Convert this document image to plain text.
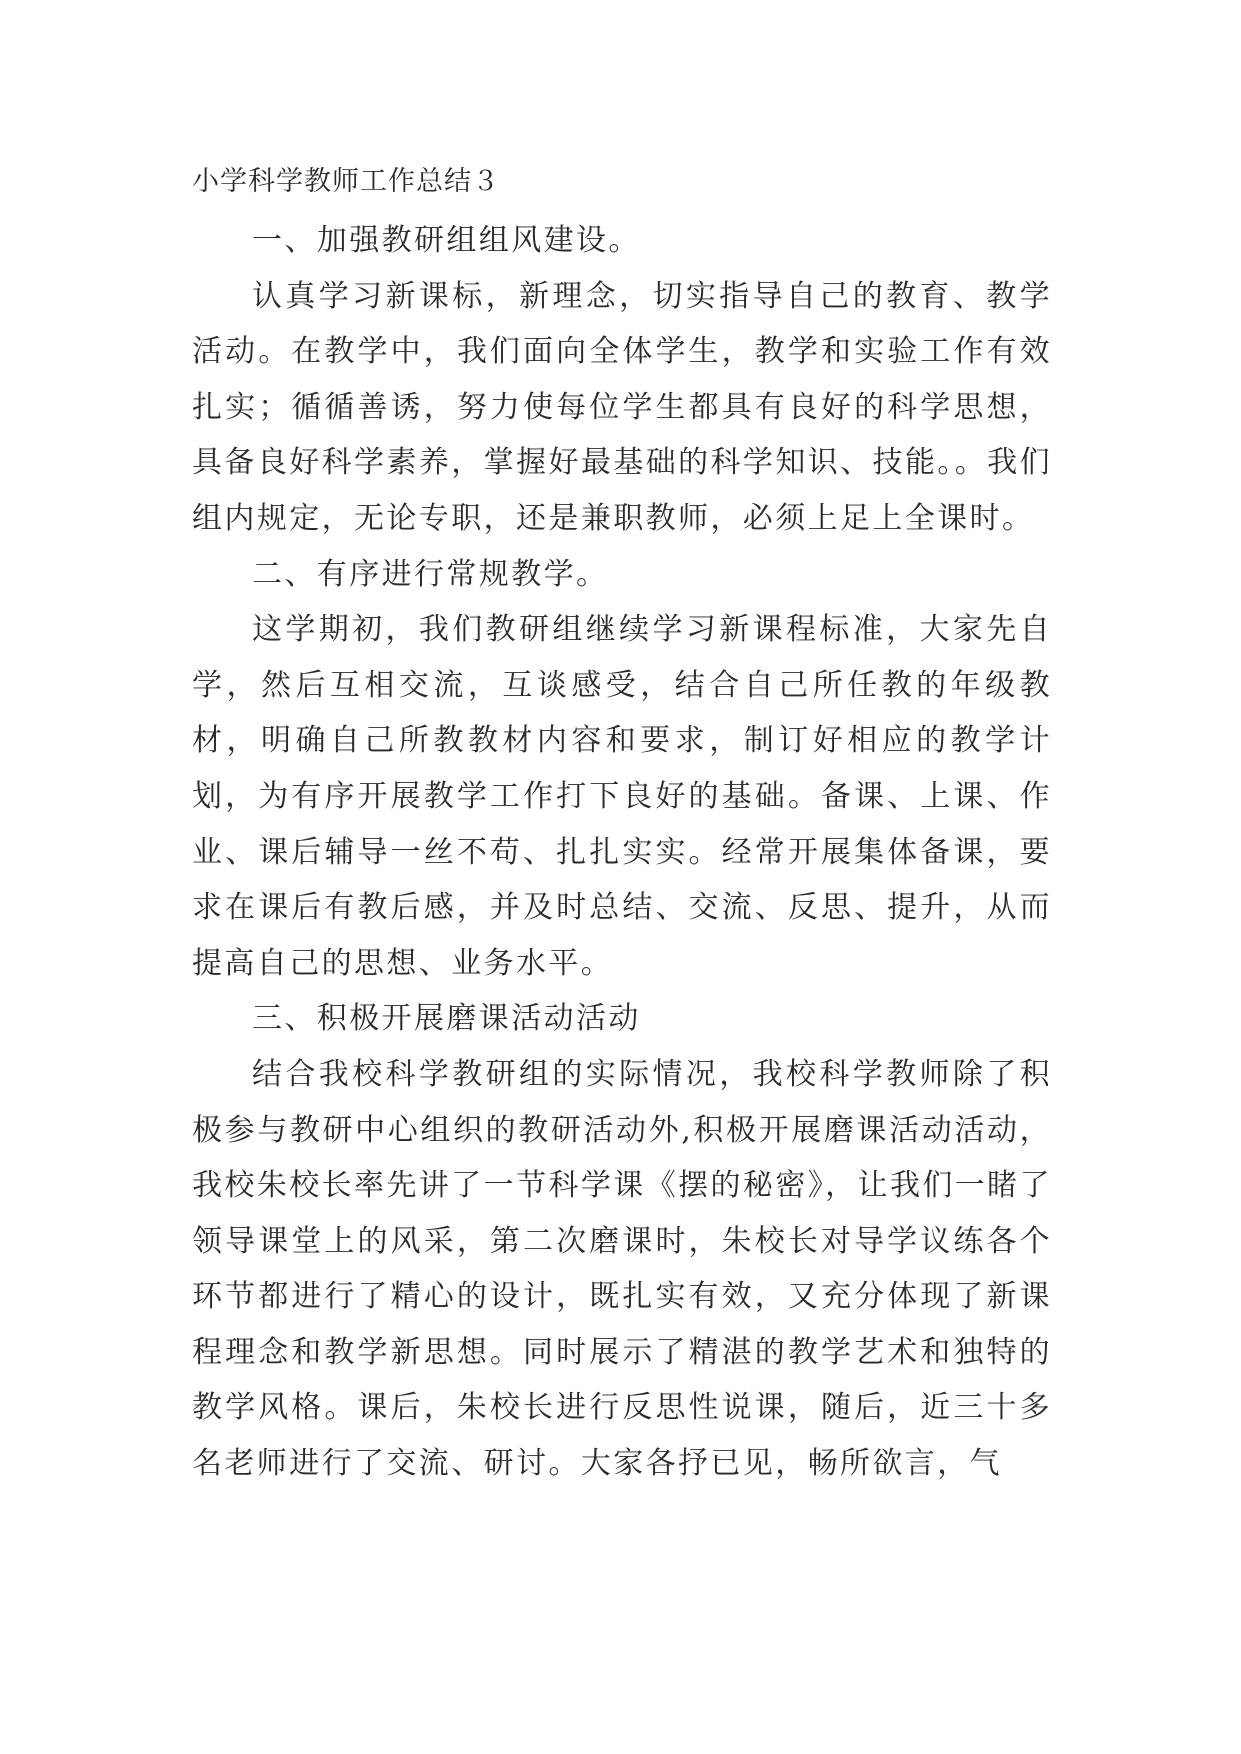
小学科学教师工作总结３

一、加强教研组组风建设。

认真学习新课标，新理念，切实指导自己的教育、教学活动。在教学中，我们面向全体学生，教学和实验工作有效扎实；循循善诱，努力使每位学生都具有良好的科学思想，具备良好科学素养，掌握好最基础的科学知识、技能。。我们组内规定，无论专职，还是兼职教师，必须上足上全课时。

二、有序进行常规教学。

这学期初，我们教研组继续学习新课程标准，大家先自学，然后互相交流，互谈感受，结合自己所任教的年级教材，明确自己所教教材内容和要求，制订好相应的教学计划，为有序开展教学工作打下良好的基础。备课、上课、作业、课后辅导一丝不苟、扎扎实实。经常开展集体备课，要求在课后有教后感，并及时总结、交流、反思、提升，从而提高自己的思想、业务水平。

三、积极开展磨课活动活动

结合我校科学教研组的实际情况，我校科学教师除了积极参与教研中心组织的教研活动外,积极开展磨课活动活动，我校朱校长率先讲了一节科学课《摆的秘密》，让我们一睹了领导课堂上的风采，第二次磨课时，朱校长对导学议练各个环节都进行了精心的设计，既扎实有效，又充分体现了新课程理念和教学新思想。同时展示了精湛的教学艺术和独特的教学风格。课后，朱校长进行反思性说课，随后，近三十多名老师进行了交流、研讨。大家各抒已见，畅所欲言，气
